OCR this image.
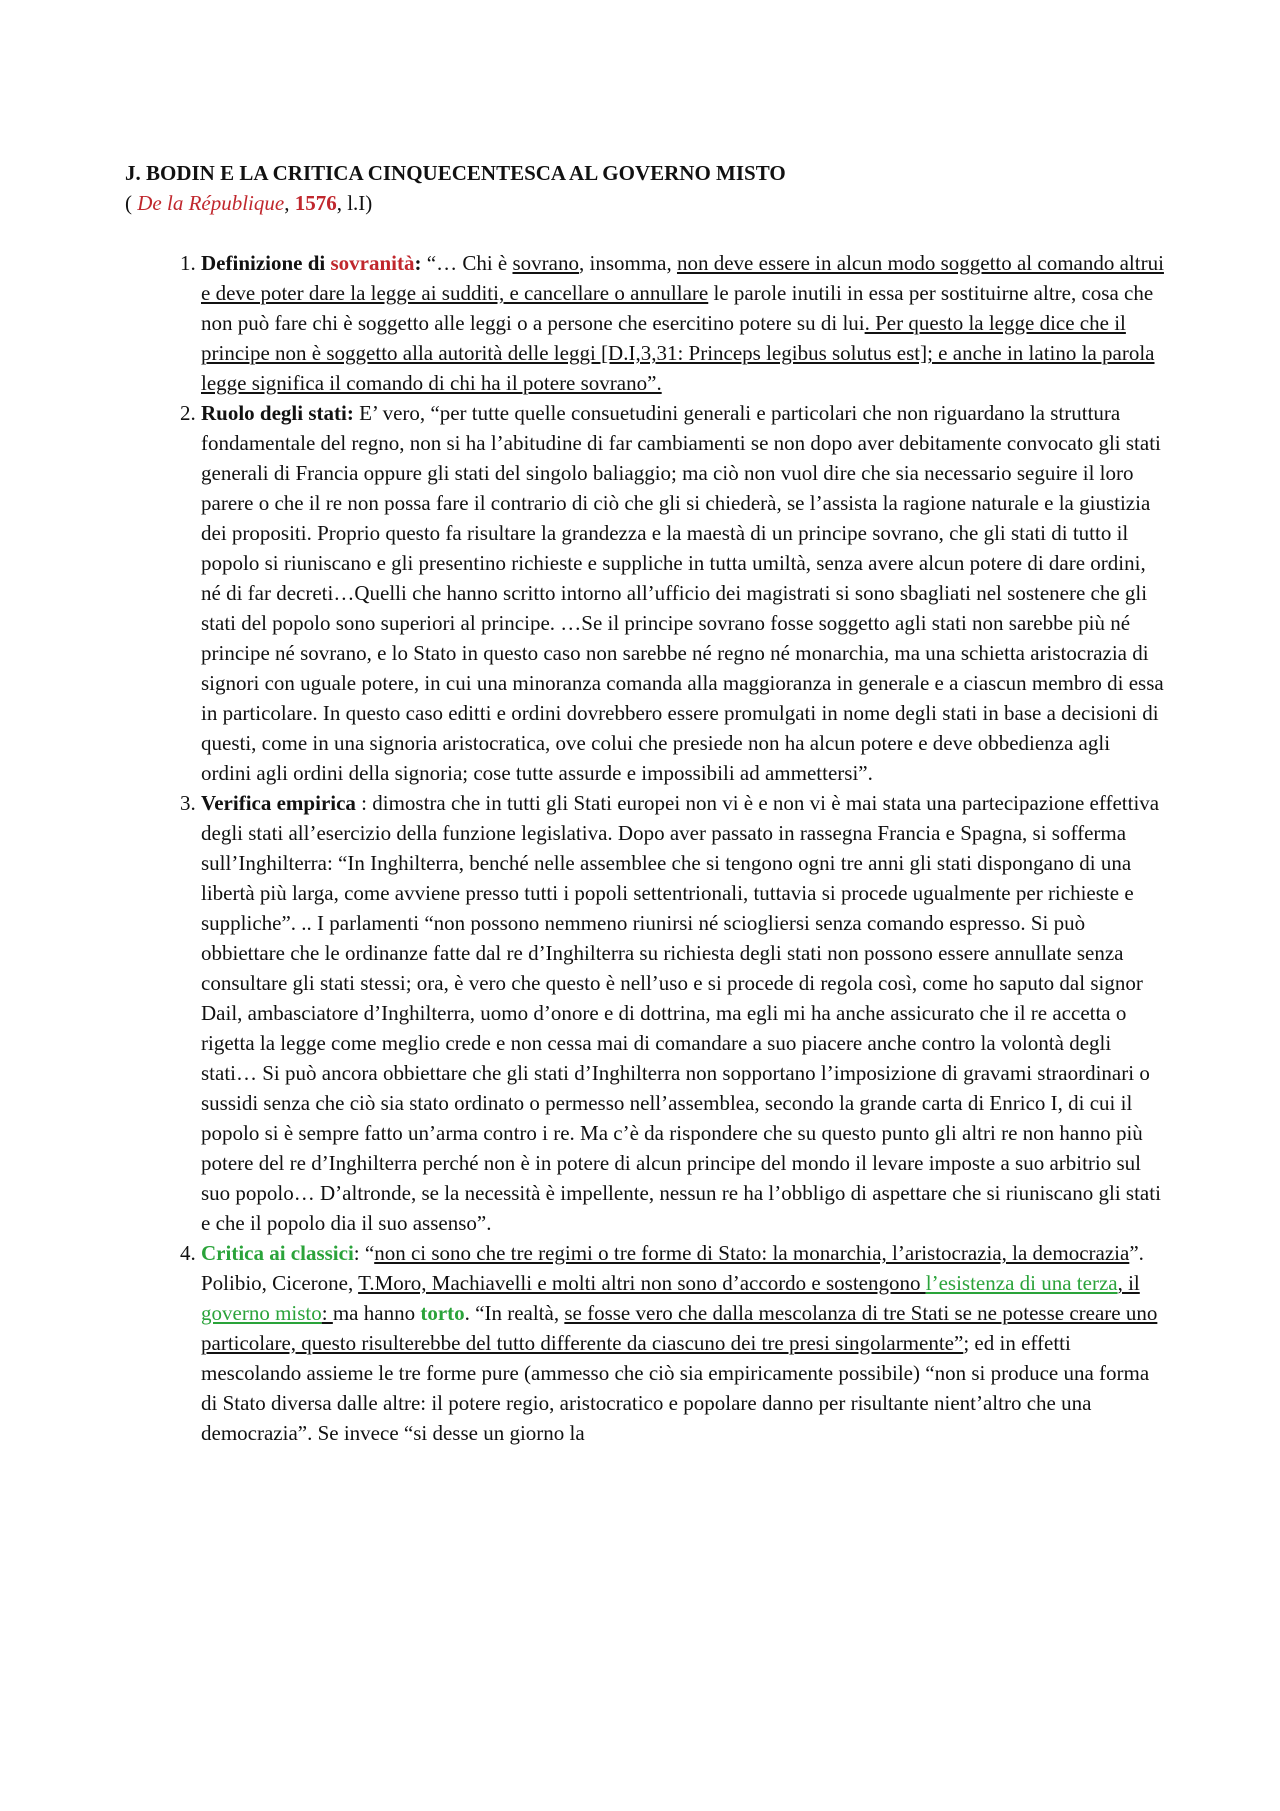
J. BODIN E LA CRITICA CINQUECENTESCA AL GOVERNO MISTO

( De la République, 1576, l.I)

1. Definizione di sovranità: “… Chi è sovrano, insomma, non deve essere in alcun modo soggetto al comando altrui e deve poter dare la legge ai sudditi, e cancellare o annullare le parole inutili in essa per sostituirne altre, cosa che non può fare chi è soggetto alle leggi o a persone che esercitino potere su di lui. Per questo la legge dice che il principe non è soggetto alla autorità delle leggi [D.I,3,31: Princeps legibus solutus est]; e anche in latino la parola legge significa il comando di chi ha il potere sovrano”.
2. Ruolo degli stati: E’ vero, “per tutte quelle consuetudini generali e particolari che non riguardano la struttura fondamentale del regno, non si ha l’abitudine di far cambiamenti se non dopo aver debitamente convocato gli stati generali di Francia oppure gli stati del singolo baliaggio; ma ciò non vuol dire che sia necessario seguire il loro parere o che il re non possa fare il contrario di ciò che gli si chiederà, se l’assista la ragione naturale e la giustizia dei propositi. Proprio questo fa risultare la grandezza e la maestà di un principe sovrano, che gli stati di tutto il popolo si riuniscano e gli presentino richieste e suppliche in tutta umiltà, senza avere alcun potere di dare ordini, né di far decreti…Quelli che hanno scritto intorno all’ufficio dei magistrati si sono sbagliati nel sostenere che gli stati del popolo sono superiori al principe. …Se il principe sovrano fosse soggetto agli stati non sarebbe più né principe né sovrano, e lo Stato in questo caso non sarebbe né regno né monarchia, ma una schietta aristocrazia di signori con uguale potere, in cui una minoranza comanda alla maggioranza in generale e a ciascun membro di essa in particolare. In questo caso editti e ordini dovrebbero essere promulgati in nome degli stati in base a decisioni di questi, come in una signoria aristocratica, ove colui che presiede non ha alcun potere e deve obbedienza agli ordini agli ordini della signoria; cose tutte assurde e impossibili ad ammettersi”.
3. Verifica empirica : dimostra che in tutti gli Stati europei non vi è e non vi è mai stata una partecipazione effettiva degli stati all’esercizio della funzione legislativa. Dopo aver passato in rassegna Francia e Spagna, si sofferma sull’Inghilterra: “In Inghilterra, benché nelle assemblee che si tengono ogni tre anni gli stati dispongano di una libertà più larga, come avviene presso tutti i popoli settentrionali, tuttavia si procede ugualmente per richieste e suppliche”. .. I parlamenti “non possono nemmeno riunirsi né sciogliersi senza comando espresso. Si può obbiettare che le ordinanze fatte dal re d’Inghilterra su richiesta degli stati non possono essere annullate senza consultare gli stati stessi; ora, è vero che questo è nell’uso e si procede di regola così, come ho saputo dal signor Dail, ambasciatore d’Inghilterra, uomo d’onore e di dottrina, ma egli mi ha anche assicurato che il re accetta o rigetta la legge come meglio crede e non cessa mai di comandare a suo piacere anche contro la volontà degli stati… Si può ancora obbiettare che gli stati d’Inghilterra non sopportano l’imposizione di gravami straordinari o sussidi senza che ciò sia stato ordinato o permesso nell’assemblea, secondo la grande carta di Enrico I, di cui il popolo si è sempre fatto un’arma contro i re. Ma c’è da rispondere che su questo punto gli altri re non hanno più potere del re d’Inghilterra perché non è in potere di alcun principe del mondo il levare imposte a suo arbitrio sul suo popolo… D’altronde, se la necessità è impellente, nessun re ha l’obbligo di aspettare che si riuniscano gli stati e che il popolo dia il suo assenso”.
4. Critica ai classici: “non ci sono che tre regimi o tre forme di Stato: la monarchia, l’aristocrazia, la democrazia”. Polibio, Cicerone, T.Moro, Machiavelli e molti altri non sono d’accordo e sostengono l’esistenza di una terza, il governo misto: ma hanno torto. “In realtà, se fosse vero che dalla mescolanza di tre Stati se ne potesse creare uno particolare, questo risulterebbe del tutto differente da ciascuno dei tre presi singolarmente”; ed in effetti mescolando assieme le tre forme pure (ammesso che ciò sia empiricamente possibile) “non si produce una forma di Stato diversa dalle altre: il potere regio, aristocratico e popolare danno per risultante nient’altro che una democrazia”. Se invece “si desse un giorno la
